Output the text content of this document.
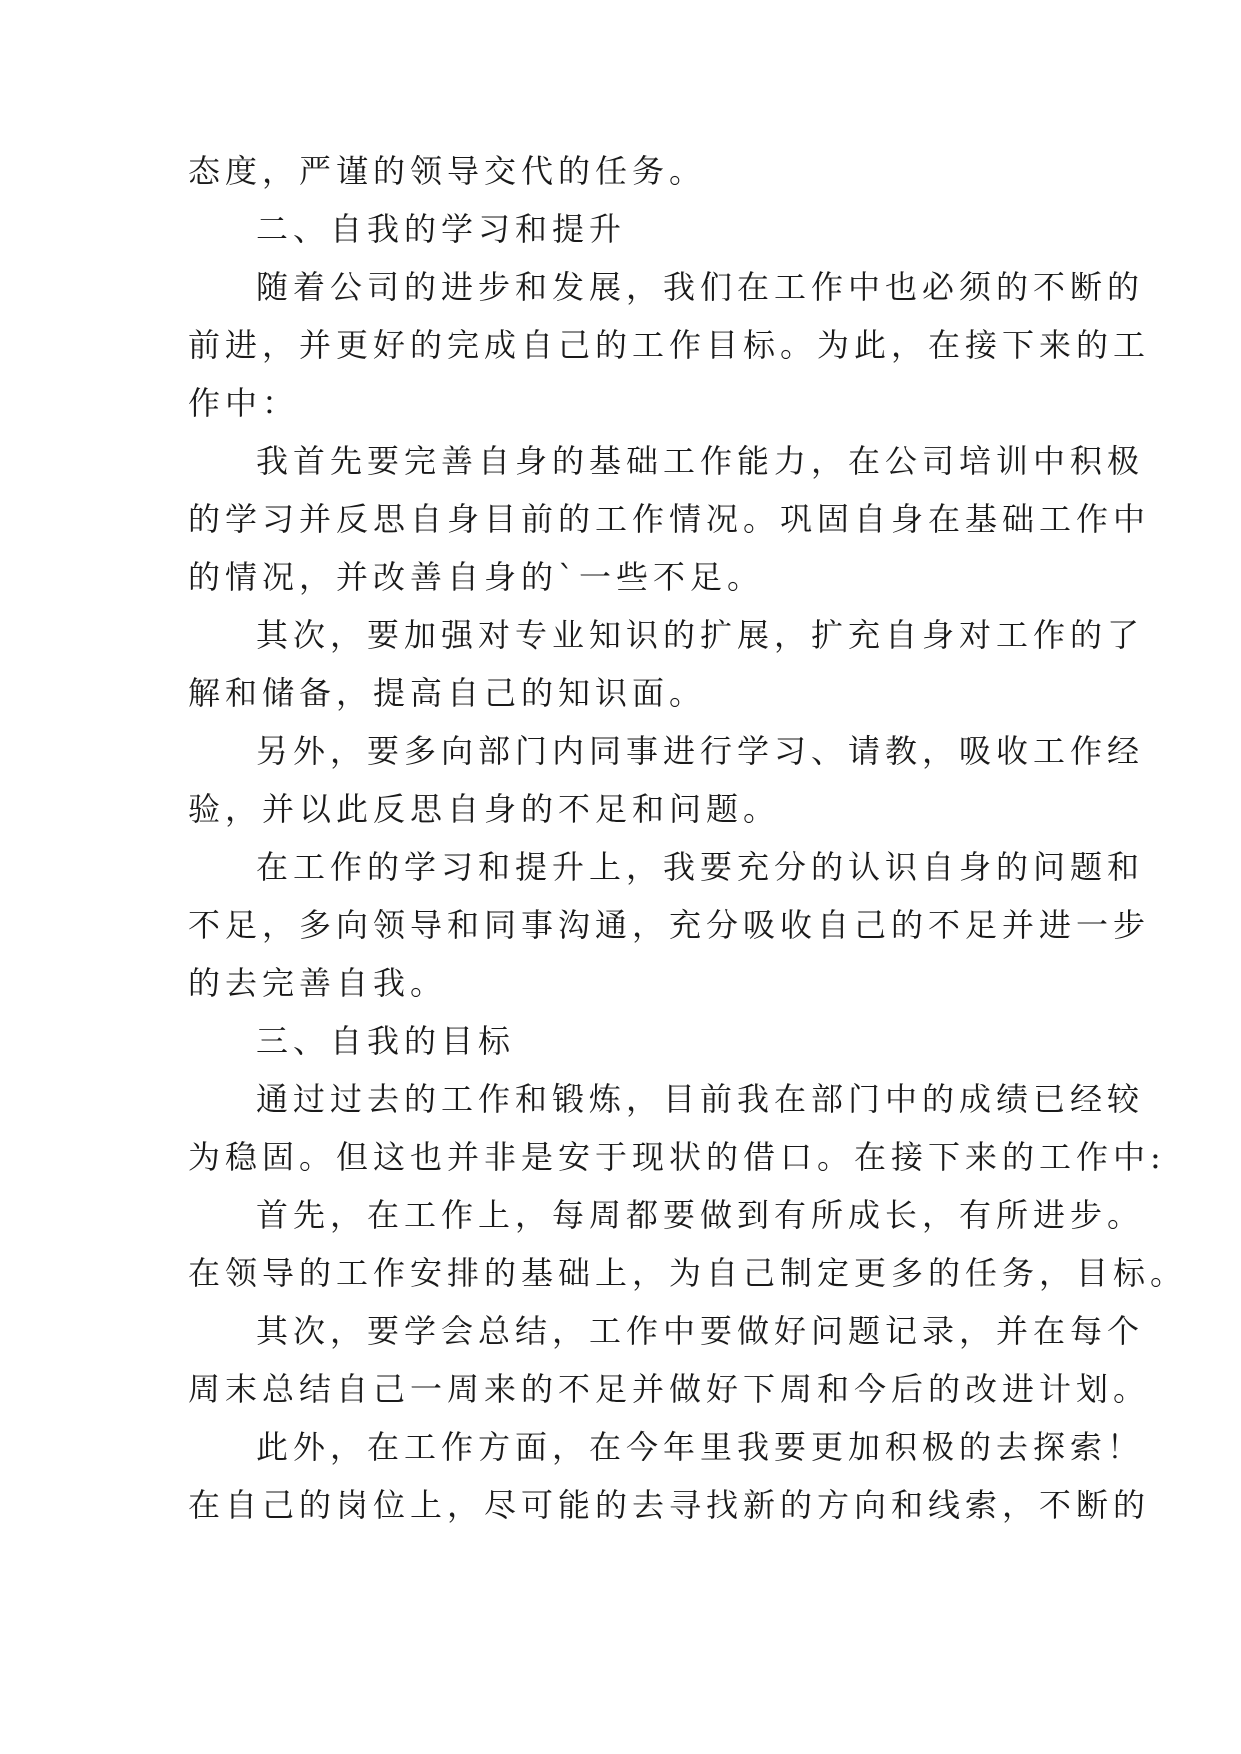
态度，严谨的领导交代的任务。
二、自我的学习和提升
随着公司的进步和发展，我们在工作中也必须的不断的
前进，并更好的完成自己的工作目标。为此，在接下来的工
作中：
我首先要完善自身的基础工作能力，在公司培训中积极
的学习并反思自身目前的工作情况。巩固自身在基础工作中
的情况，并改善自身的`一些不足。
其次，要加强对专业知识的扩展，扩充自身对工作的了
解和储备，提高自己的知识面。
另外，要多向部门内同事进行学习、请教，吸收工作经
验，并以此反思自身的不足和问题。
在工作的学习和提升上，我要充分的认识自身的问题和
不足，多向领导和同事沟通，充分吸收自己的不足并进一步
的去完善自我。
三、自我的目标
通过过去的工作和锻炼，目前我在部门中的成绩已经较
为稳固。但这也并非是安于现状的借口。在接下来的工作中:
首先，在工作上，每周都要做到有所成长，有所进步。
在领导的工作安排的基础上，为自己制定更多的任务，目标。
其次，要学会总结，工作中要做好问题记录，并在每个
周末总结自己一周来的不足并做好下周和今后的改进计划。
此外，在工作方面，在今年里我要更加积极的去探索！
在自己的岗位上，尽可能的去寻找新的方向和线索，不断的
